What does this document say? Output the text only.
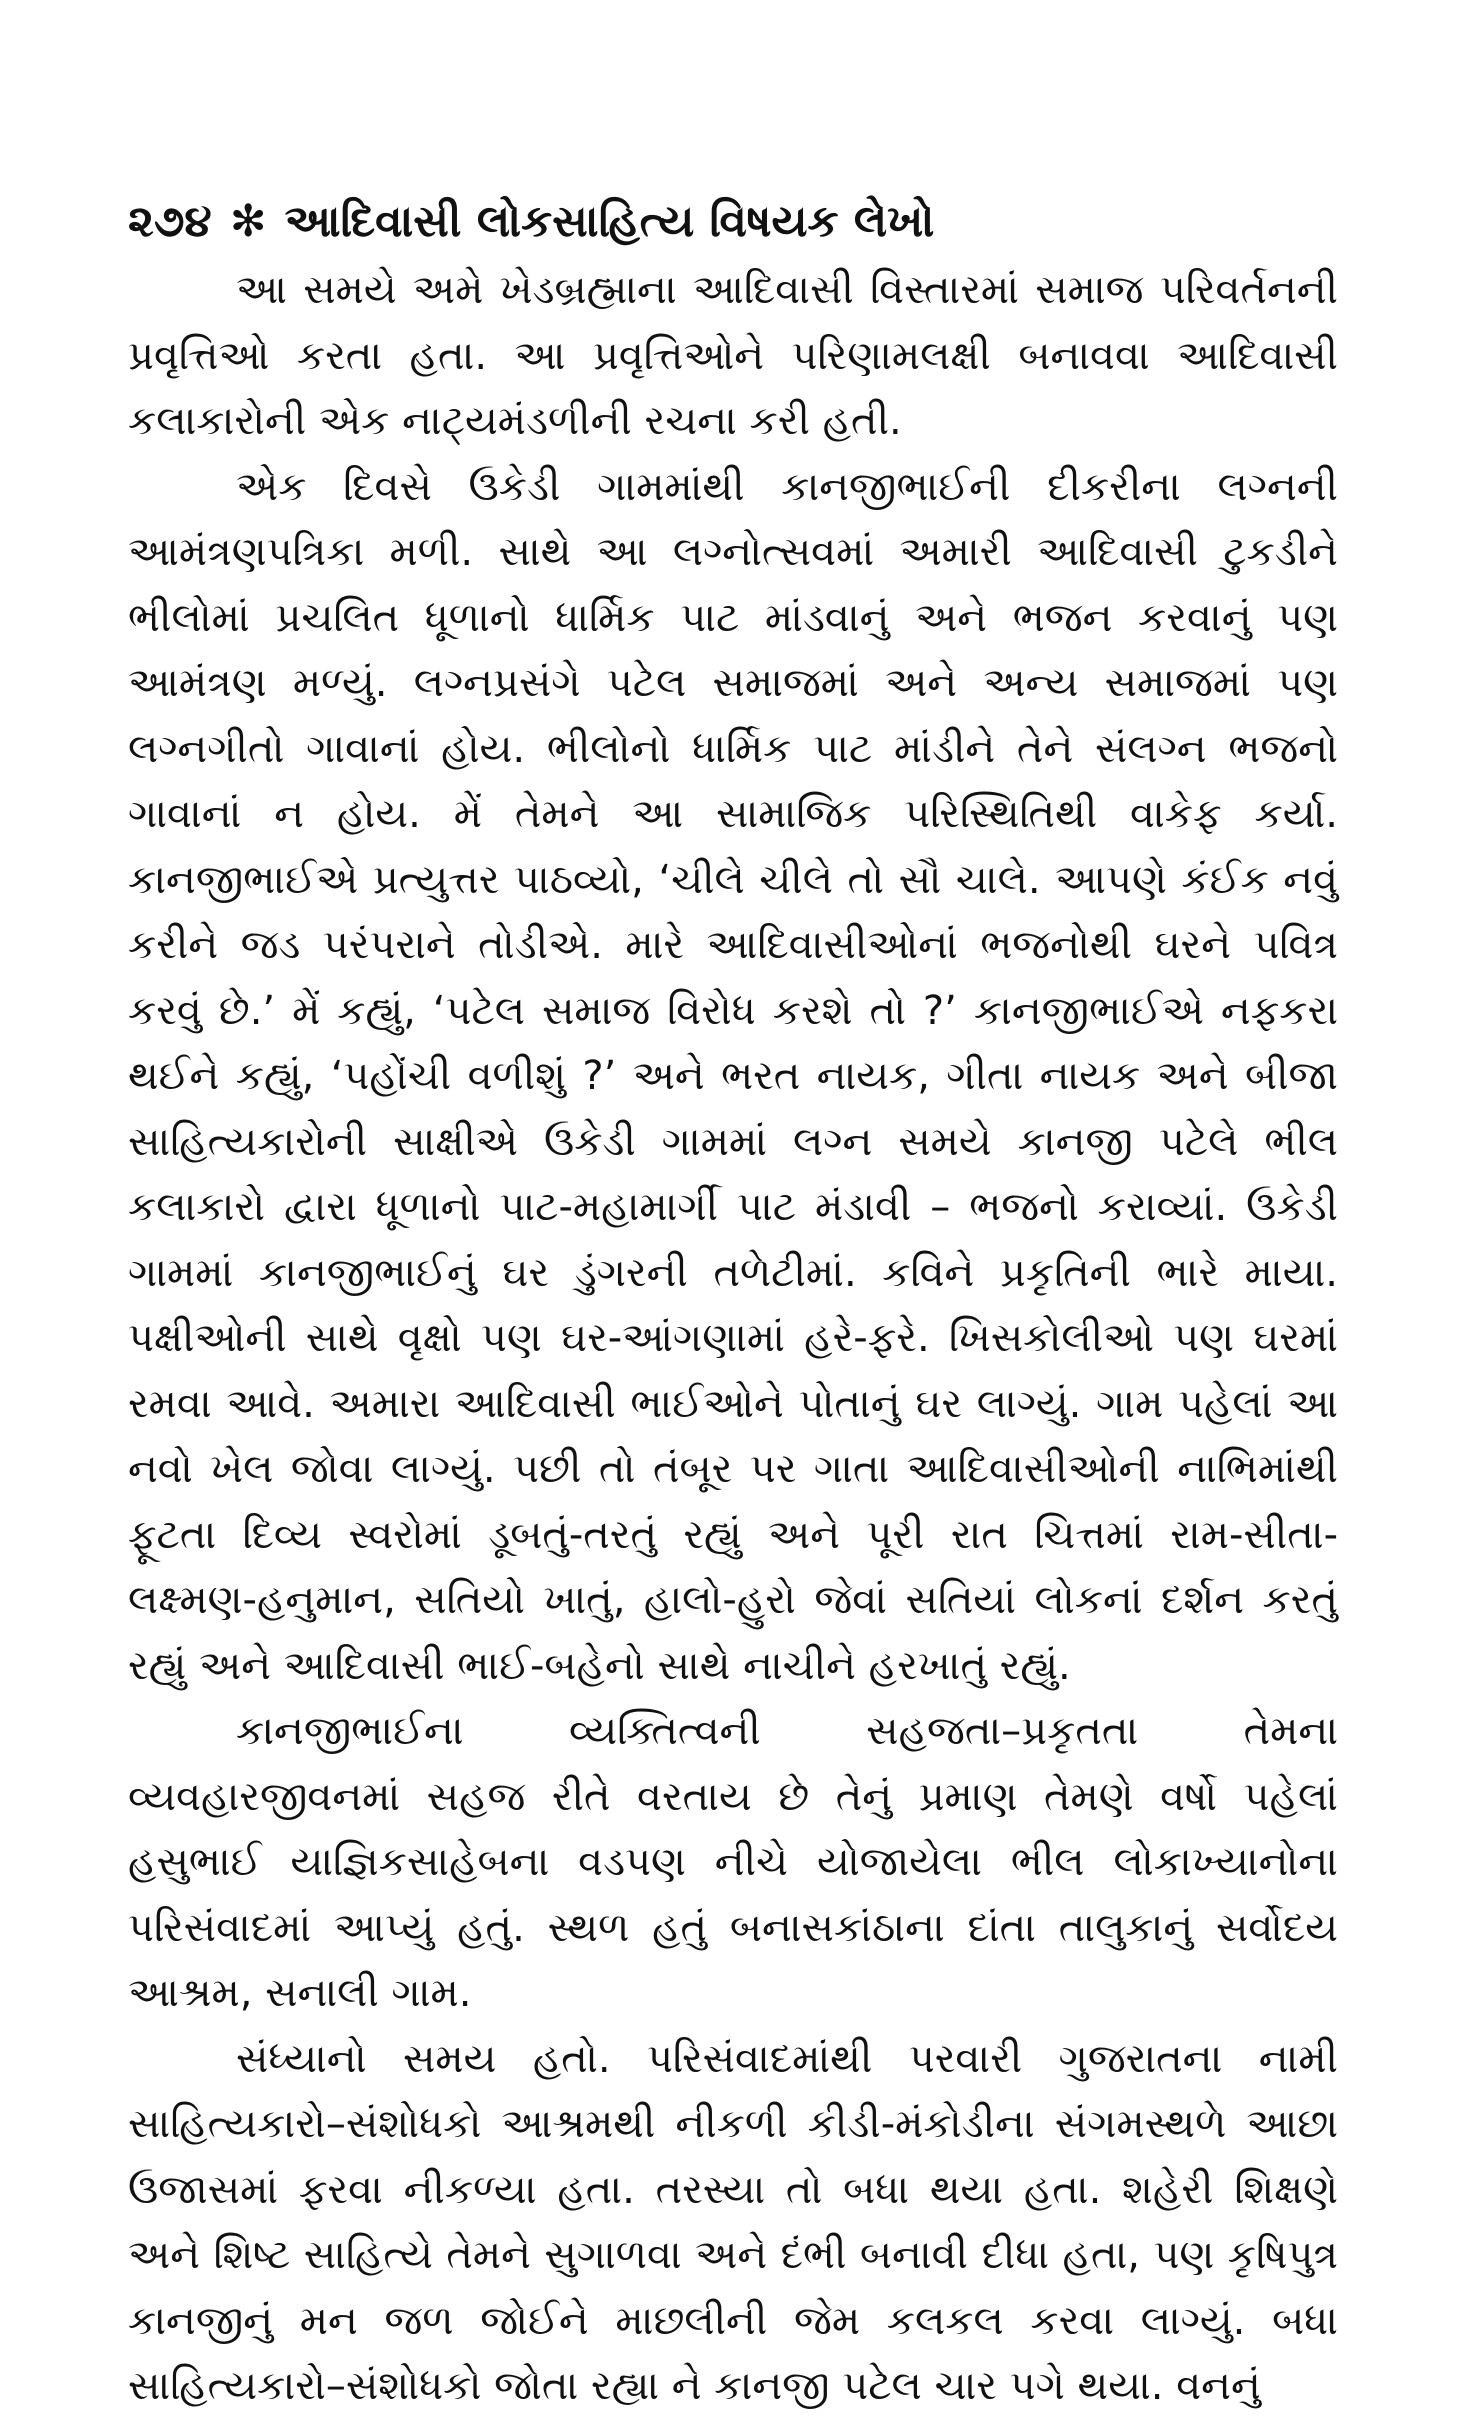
૨૭૪ ✻ આદિવાસી લોકસાહિત્ય વિષયક લેખો

આ સમયે અમે ખેડબ્રહ્માના આદિવાસી વિસ્તારમાં સમાજ પરિવર્તનની પ્રવૃત્તિઓ કરતા હતા. આ પ્રવૃત્તિઓને પરિણામલક્ષી બનાવવા આદિવાસી કલાકારોની એક નાટ્યમંડળીની રચના કરી હતી.

એક દિવસે ઉકેડી ગામમાંથી કાનજીભાઈની દીકરીના લગ્નની આમંત્રણપત્રિકા મળી. સાથે આ લગ્નોત્સવમાં અમારી આદિવાસી ટુકડીને ભીલોમાં પ્રચલિત ધૂળાનો ધાર્મિક પાટ માંડવાનું અને ભજન કરવાનું પણ આમંત્રણ મળ્યું. લગ્નપ્રસંગે પટેલ સમાજમાં અને અન્ય સમાજમાં પણ લગ્નગીતો ગાવાનાં હોય. ભીલોનો ધાર્મિક પાટ માંડીને તેને સંલગ્ન ભજનો ગાવાનાં ન હોય. મેં તેમને આ સામાજિક પરિસ્થિતિથી વાકેફ કર્યા. કાનજીભાઈએ પ્રત્યુત્તર પાઠવ્યો, ‘ચીલે ચીલે તો સૌ ચાલે. આપણે કંઈક નવું કરીને જડ પરંપરાને તોડીએ. મારે આદિવાસીઓનાં ભજનોથી ઘરને પવિત્ર કરવું છે.’ મેં કહ્યું, ‘પટેલ સમાજ વિરોધ કરશે તો ?’ કાનજીભાઈએ નફકરા થઈને કહ્યું, ‘પહોંચી વળીશું ?’ અને ભરત નાયક, ગીતા નાયક અને બીજા સાહિત્યકારોની સાક્ષીએ ઉકેડી ગામમાં લગ્ન સમયે કાનજી પટેલે ભીલ કલાકારો દ્વારા ધૂળાનો પાટ-મહામાર્ગી પાટ મંડાવી – ભજનો કરાવ્યાં. ઉકેડી ગામમાં કાનજીભાઈનું ઘર ડુંગરની તળેટીમાં. કવિને પ્રકૃતિની ભારે માયા. પક્ષીઓની સાથે વૃક્ષો પણ ઘર-આંગણામાં હરે-ફરે. ખિસકોલીઓ પણ ઘરમાં રમવા આવે. અમારા આદિવાસી ભાઈઓને પોતાનું ઘર લાગ્યું. ગામ પહેલાં આ નવો ખેલ જોવા લાગ્યું. પછી તો તંબૂર પર ગાતા આદિવાસીઓની નાભિમાંથી ફૂટતા દિવ્ય સ્વરોમાં ડૂબતું-તરતું રહ્યું અને પૂરી રાત ચિત્તમાં રામ-સીતા-લક્ષ્મણ-હનુમાન, સતિયો ખાતું, હાલો-હુરો જેવાં સતિયાં લોકનાં દર્શન કરતું રહ્યું અને આદિવાસી ભાઈ-બહેનો સાથે નાચીને હરખાતું રહ્યું.

કાનજીભાઈના વ્યક્તિત્વની સહજતા–પ્રકૃતતા તેમના વ્યવહારજીવનમાં સહજ રીતે વરતાય છે તેનું પ્રમાણ તેમણે વર્ષો પહેલાં હસુભાઈ યાજ્ઞિકસાહેબના વડપણ નીચે યોજાયેલા ભીલ લોકાખ્યાનોના પરિસંવાદમાં આપ્યું હતું. સ્થળ હતું બનાસકાંઠાના દાંતા તાલુકાનું સર્વોદય આશ્રમ, સનાલી ગામ.

સંધ્યાનો સમય હતો. પરિસંવાદમાંથી પરવારી ગુજરાતના નામી સાહિત્યકારો–સંશોધકો આશ્રમથી નીકળી કીડી-મંકોડીના સંગમસ્થળે આછા ઉજાસમાં ફરવા નીકળ્યા હતા. તરસ્યા તો બધા થયા હતા. શહેરી શિક્ષણે અને શિષ્ટ સાહિત્યે તેમને સુગાળવા અને દંભી બનાવી દીધા હતા, પણ કૃષિપુત્ર કાનજીનું મન જળ જોઈને માછલીની જેમ કલકલ કરવા લાગ્યું. બધા સાહિત્યકારો–સંશોધકો જોતા રહ્યા ને કાનજી પટેલ ચાર પગે થયા. વનનું
